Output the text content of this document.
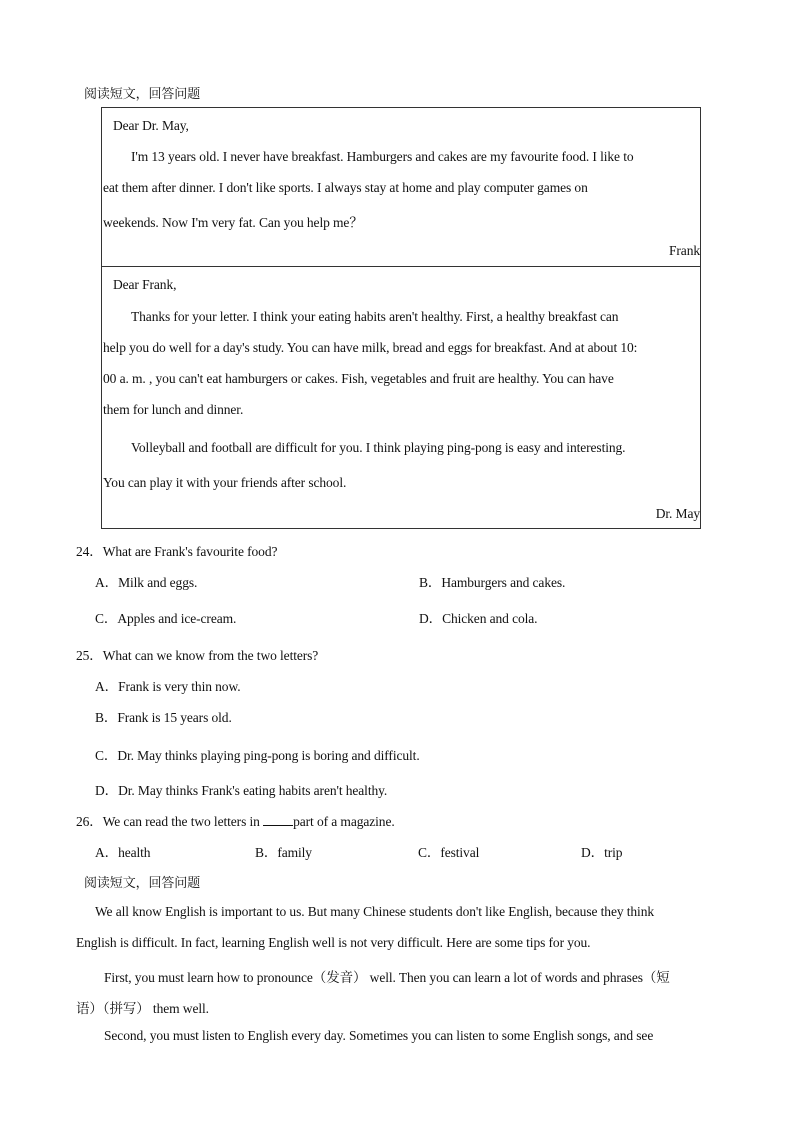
阅读短文，回答问题
Dear Dr. May,
I'm 13 years old. I never have breakfast. Hamburgers and cakes are my favourite food. I like to
eat them after dinner. I don't like sports. I always stay at home and play computer games on
weekends. Now I'm very fat. Can you help me？
Frank
Dear Frank,
Thanks for your letter. I think your eating habits aren't healthy. First, a healthy breakfast can
help you do well for a day's study. You can have milk, bread and eggs for breakfast. And at about 10:
00 a. m. , you can't eat hamburgers or cakes. Fish, vegetables and fruit are healthy. You can have
them for lunch and dinner.
Volleyball and football are difficult for you. I think playing ping-pong is easy and interesting.
You can play it with your friends after school.
Dr. May
24．What are Frank's favourite food?
A．Milk and eggs.	B．Hamburgers and cakes.
C．Apples and ice-cream.	D．Chicken and cola.
25．What can we know from the two letters?
A．Frank is very thin now.
B．Frank is 15 years old.
C．Dr. May thinks playing ping-pong is boring and difficult.
D．Dr. May thinks Frank's eating habits aren't healthy.
26．We can read the two letters in part of a magazine.
A．health	B．family	C．festival	D．trip
阅读短文，回答问题
We all know English is important to us. But many Chinese students don't like English, because they think
English is difficult. In fact, learning English well is not very difficult. Here are some tips for you.
First, you must learn how to pronounce（发音） well. Then you can learn a lot of words and phrases（短
语）（拼写） them well.
Second, you must listen to English every day. Sometimes you can listen to some English songs, and see
